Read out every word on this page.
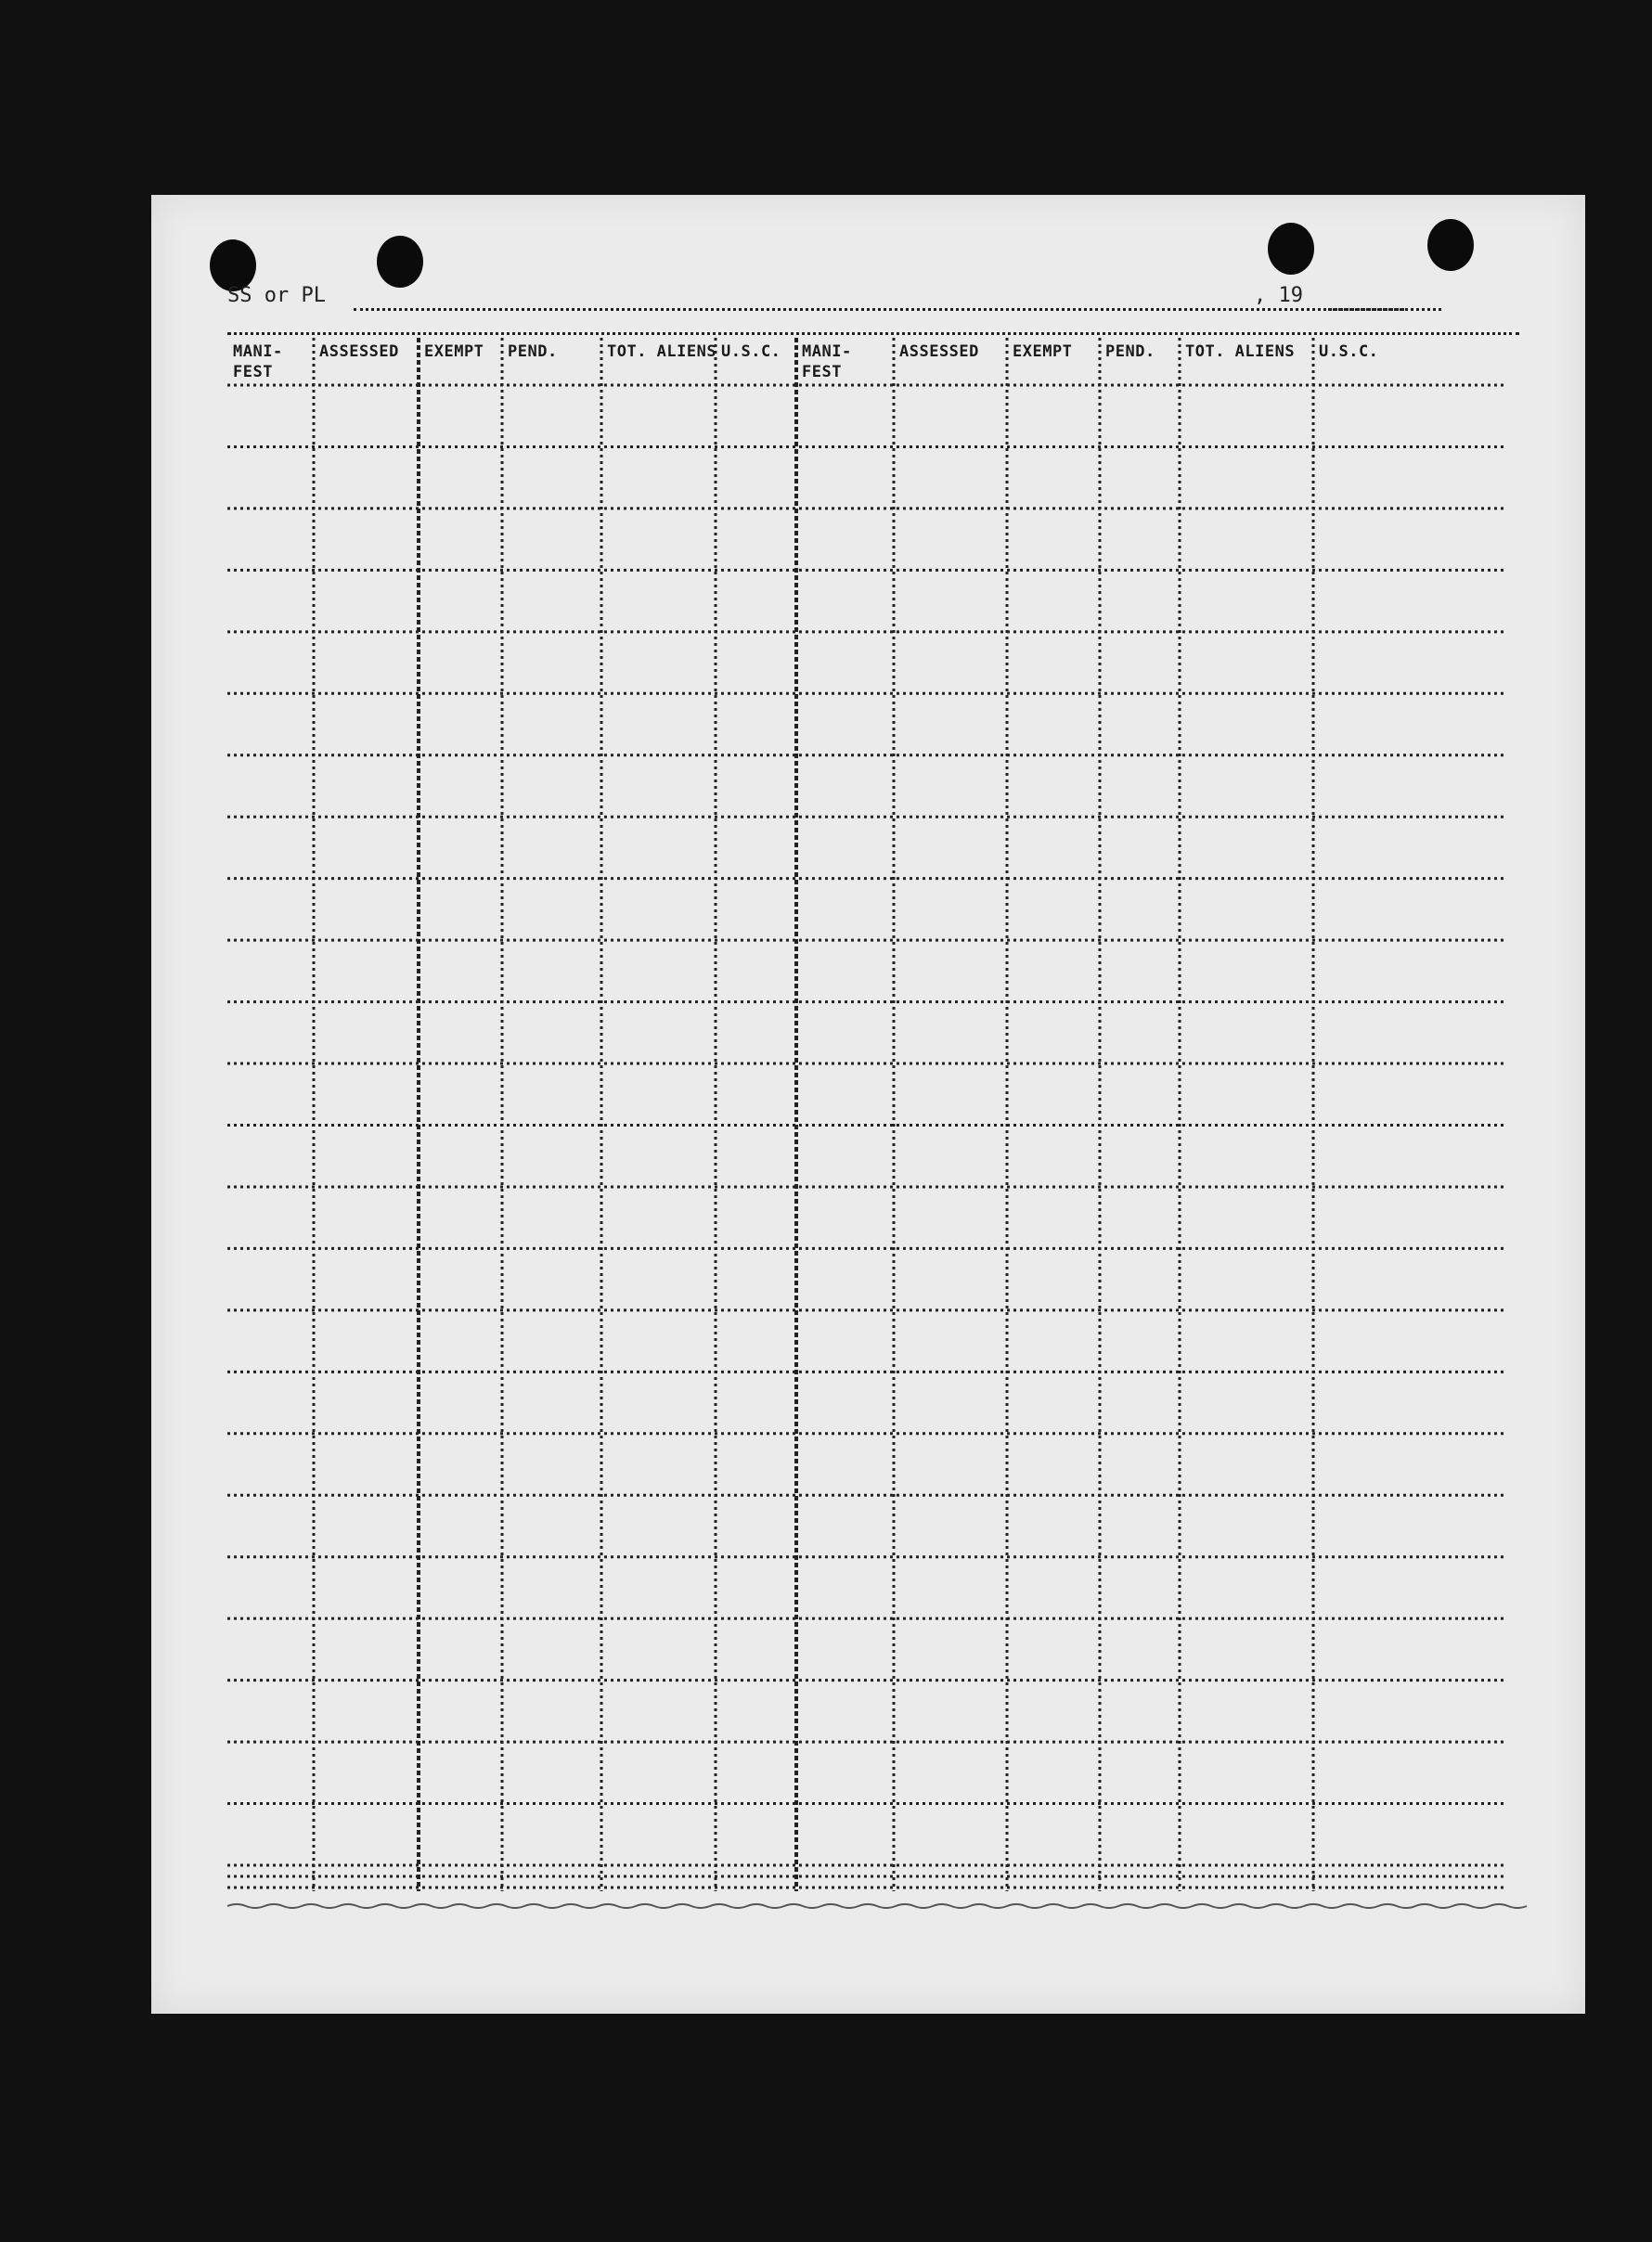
SS or PL	, 19
MANI-
FEST
ASSESSED EXEMPT PEND.	TOT. ALIENS U.S.C. MANI-
FEST
ASSESSED EXEMPT PEND. TOT. ALIENS U.S.C.
